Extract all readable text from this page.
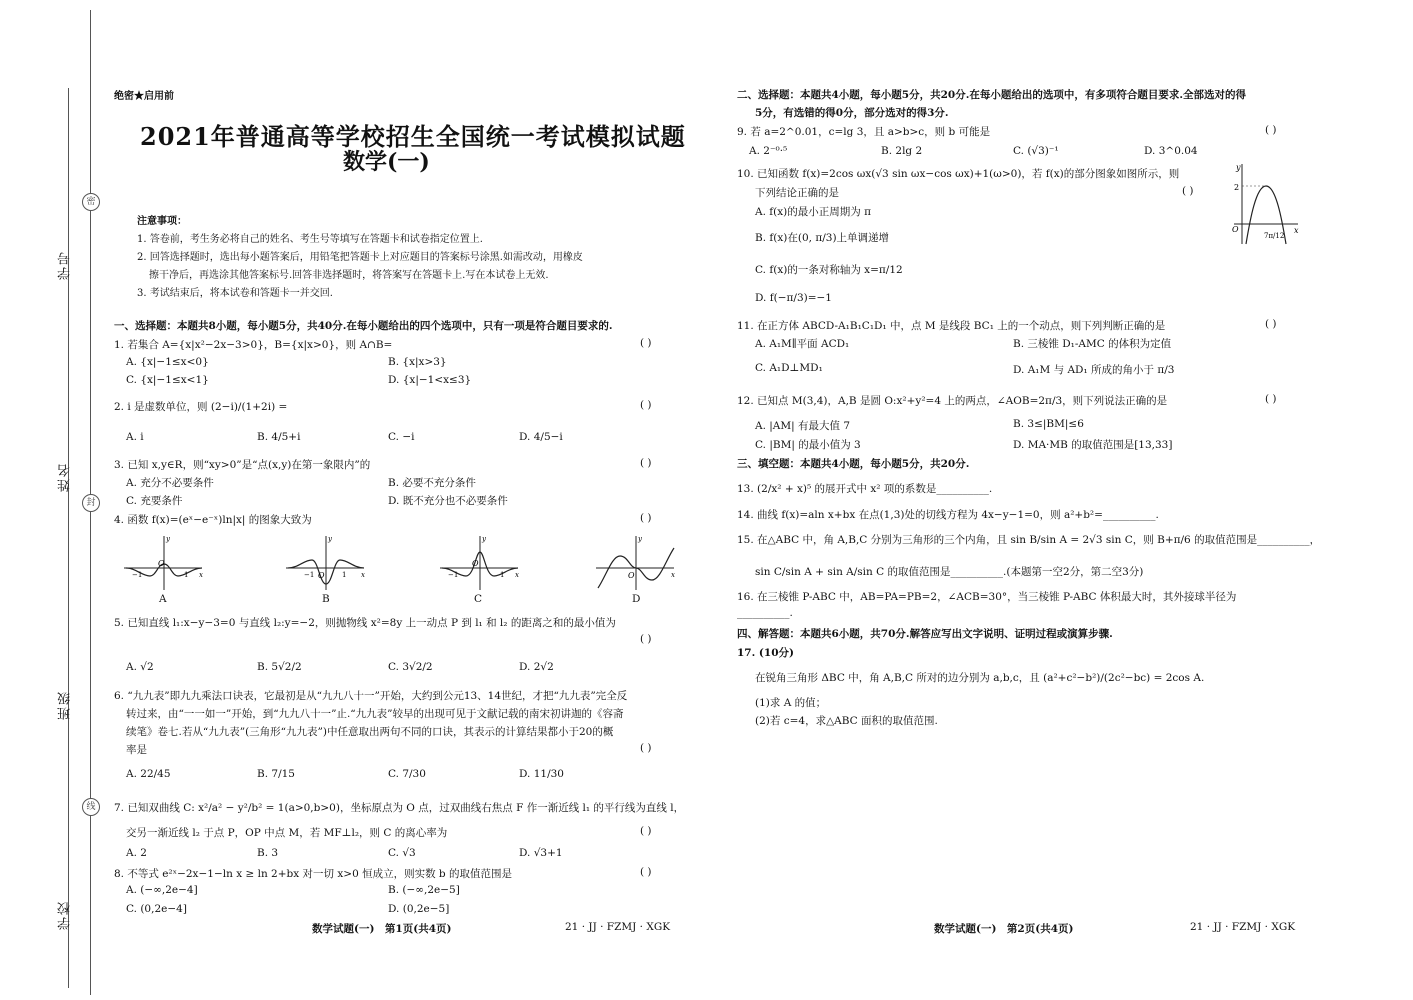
学号
姓名
班级
学校
密
封
线
绝密★启用前
2021年普通高等学校招生全国统一考试模拟试题
数学(一)
注意事项：
1. 答卷前，考生务必将自己的姓名、考生号等填写在答题卡和试卷指定位置上.
2. 回答选择题时，选出每小题答案后，用铅笔把答题卡上对应题目的答案标号涂黑.如需改动，用橡皮
擦干净后，再选涂其他答案标号.回答非选择题时，将答案写在答题卡上.写在本试卷上无效.
3. 考试结束后，将本试卷和答题卡一并交回.
一、选择题：本题共8小题，每小题5分，共40分.在每小题给出的四个选项中，只有一项是符合题目要求的.
1. 若集合 A={x|x²−2x−3>0}，B={x|x>0}，则 A∩B=	( )
A. {x|−1≤x<0}	B. {x|x>3}
C. {x|−1≤x<1}	D. {x|−1<x≤3}
2. i 是虚数单位，则 (2−i)/(1+2i) =	( )
A. i	B. 4/5+i	C. −i	D. 4/5−i
3. 已知 x,y∈R，则“xy>0”是“点(x,y)在第一象限内”的	( )
A. 充分不必要条件	B. 必要不充分条件
C. 充要条件	D. 既不充分也不必要条件
4. 函数 f(x)=(eˣ−e⁻ˣ)ln|x| 的图象大致为	( )
y
x
O
−1	1
y
x
O
−1	1
y
x
O
−1	1
y
x
O
A	B	C	D
5. 已知直线 l₁:x−y−3=0 与直线 l₂:y=−2，则抛物线 x²=8y 上一动点 P 到 l₁ 和 l₂ 的距离之和的最小值为
( )
A. √2	B. 5√2/2	C. 3√2/2	D. 2√2
6. “九九表”即九九乘法口诀表，它最初是从“九九八十一”开始，大约到公元13、14世纪，才把“九九表”完全反
转过来，由“一一如一”开始，到“九九八十一”止.“九九表”较早的出现可见于文献记载的南宋初讲迦的《容斋
续笔》卷七.若从“九九表”(三角形“九九表”)中任意取出两句不同的口诀，其表示的计算结果都小于20的概
率是	( )
A. 22/45	B. 7/15	C. 7/30	D. 11/30
7. 已知双曲线 C: x²/a² − y²/b² = 1(a>0,b>0)，坐标原点为 O 点，过双曲线右焦点 F 作一渐近线 l₁ 的平行线为直线 l，
交另一渐近线 l₂ 于点 P，OP 中点 M，若 MF⊥l₂，则 C 的离心率为	( )
A. 2	B. 3	C. √3	D. √3+1
8. 不等式 e²ˣ−2x−1−ln x ≥ ln 2+bx 对一切 x>0 恒成立，则实数 b 的取值范围是	( )
A. (−∞,2e−4]	B. (−∞,2e−5]
C. (0,2e−4]	D. (0,2e−5]
数学试题(一)　第1页(共4页)	21 · JJ · FZMJ · XGK
二、选择题：本题共4小题，每小题5分，共20分.在每小题给出的选项中，有多项符合题目要求.全部选对的得
5分，有选错的得0分，部分选对的得3分.
9. 若 a=2^0.01，c=lg 3，且 a>b>c，则 b 可能是	( )
A. 2⁻⁰·⁵	B. 2lg 2	C. (√3)⁻¹	D. 3^0.04
10. 已知函数 f(x)=2cos ωx(√3 sin ωx−cos ωx)+1(ω>0)，若 f(x)的部分图象如图所示，则
下列结论正确的是	( )
A. f(x)的最小正周期为 π
B. f(x)在(0, π/3)上单调递增
C. f(x)的一条对称轴为 x=π/12
D. f(−π/3)=−1
y
x
O
2
7π/12
11. 在正方体 ABCD-A₁B₁C₁D₁ 中，点 M 是线段 BC₁ 上的一个动点，则下列判断正确的是	( )
A. A₁M∥平面 ACD₁	B. 三棱锥 D₁-AMC 的体积为定值
C. A₁D⊥MD₁	D. A₁M 与 AD₁ 所成的角小于 π/3
12. 已知点 M(3,4)，A,B 是圆 O:x²+y²=4 上的两点，∠AOB=2π/3，则下列说法正确的是	( )
A. |AM| 有最大值 7	B. 3≤|BM|≤6
C. |BM| 的最小值为 3	D. MA·MB 的取值范围是[13,33]
三、填空题：本题共4小题，每小题5分，共20分.
13. (2/x² + x)⁵ 的展开式中 x² 项的系数是__________.
14. 曲线 f(x)=aln x+bx 在点(1,3)处的切线方程为 4x−y−1=0，则 a²+b²=__________.
15. 在△ABC 中，角 A,B,C 分别为三角形的三个内角，且 sin B/sin A = 2√3 sin C，则 B+π/6 的取值范围是__________，
sin C/sin A + sin A/sin C 的取值范围是__________.(本题第一空2分，第二空3分)
16. 在三棱锥 P-ABC 中，AB=PA=PB=2，∠ACB=30°，当三棱锥 P-ABC 体积最大时，其外接球半径为
__________.
四、解答题：本题共6小题，共70分.解答应写出文字说明、证明过程或演算步骤.
17. (10分)
在锐角三角形 ΔBC 中，角 A,B,C 所对的边分别为 a,b,c，且 (a²+c²−b²)/(2c²−bc) = 2cos A.
(1)求 A 的值；
(2)若 c=4，求△ABC 面积的取值范围.
数学试题(一)　第2页(共4页)	21 · JJ · FZMJ · XGK
